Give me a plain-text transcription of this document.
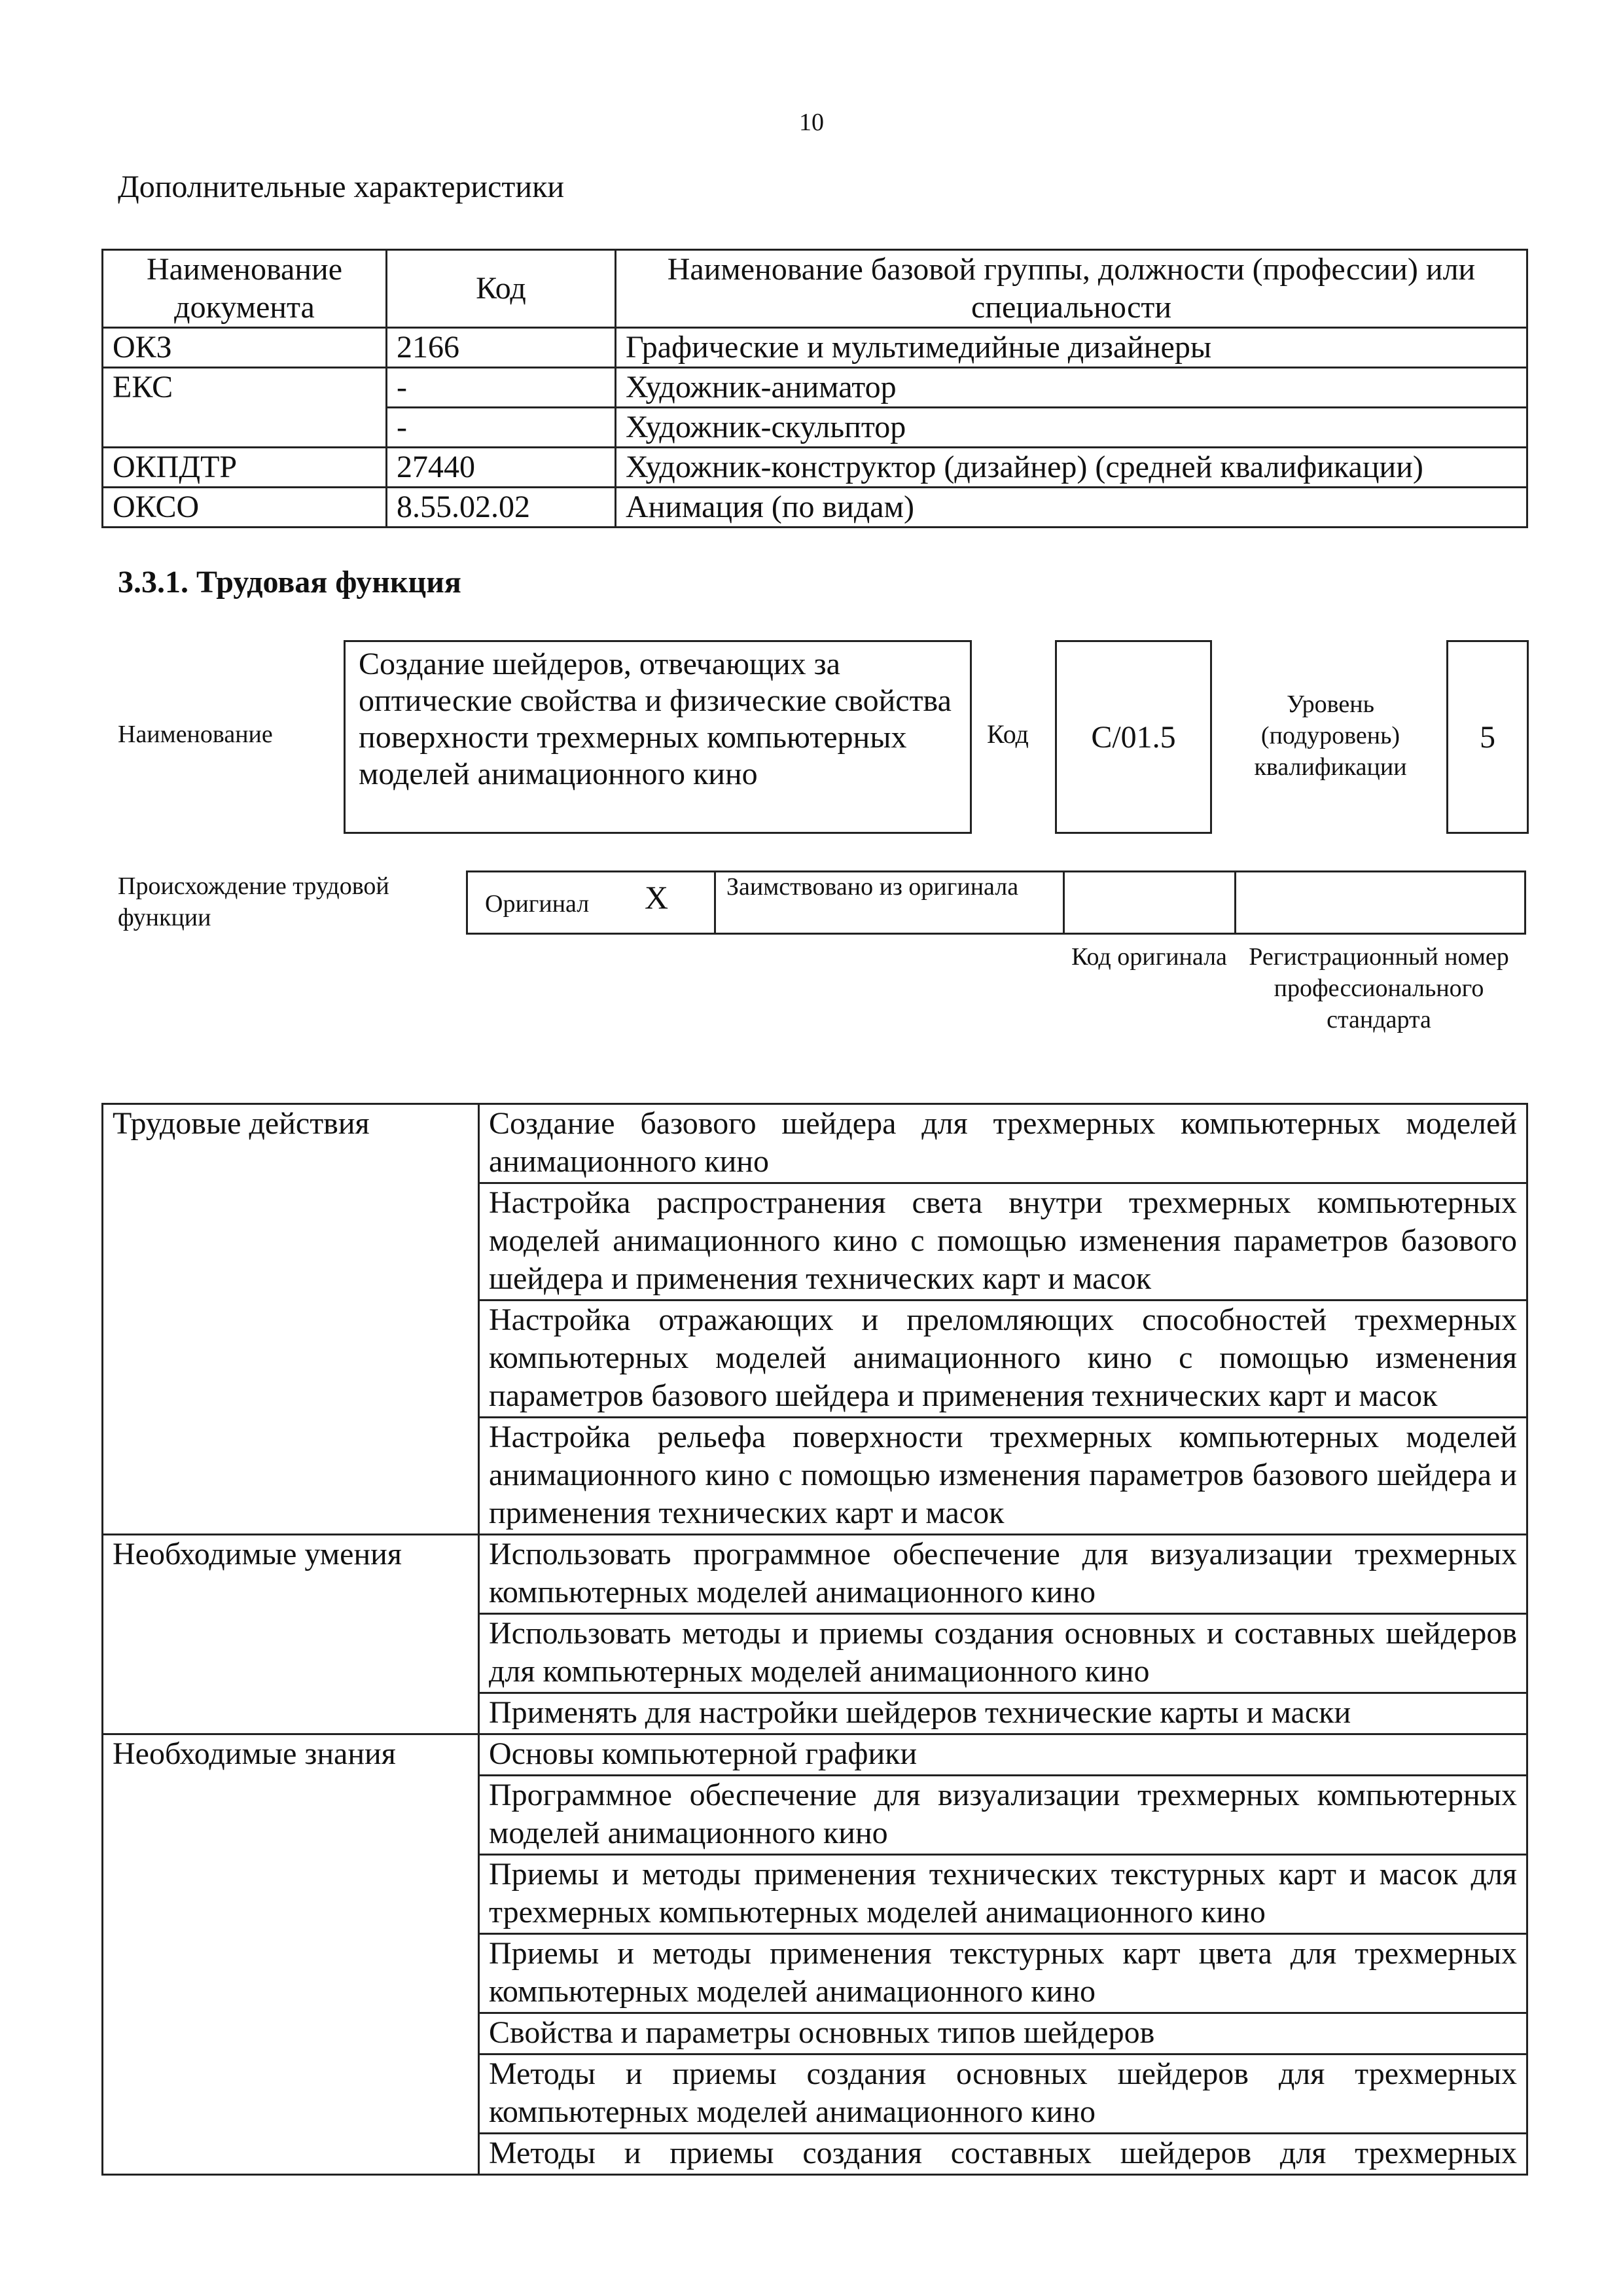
10
Дополнительные характеристики
Наименование документа	Код	Наименование базовой группы, должности (профессии) или специальности
ОКЗ	2166	Графические и мультимедийные дизайнеры
ЕКС	-	Художник-аниматор
	-	Художник-скульптор
ОКПДТР	27440	Художник-конструктор (дизайнер) (средней квалификации)
ОКСО	8.55.02.02	Анимация (по видам)
3.3.1. Трудовая функция
Наименование
Создание шейдеров, отвечающих за оптические свойства и физические свойства поверхности трехмерных компьютерных моделей анимационного кино
Код	C/01.5
Уровень (подуровень) квалификации
5
Происхождение трудовой функции	Оригинал X Заимствовано из оригинала
Код оригинала Регистрационный номер профессионального стандарта
Трудовые действия	Создание базового шейдера для трехмерных компьютерных моделей анимационного кино
	Настройка распространения света внутри трехмерных компьютерных моделей анимационного кино с помощью изменения параметров базового шейдера и применения технических карт и масок
	Настройка отражающих и преломляющих способностей трехмерных компьютерных моделей анимационного кино с помощью изменения параметров базового шейдера и применения технических карт и масок
	Настройка рельефа поверхности трехмерных компьютерных моделей анимационного кино с помощью изменения параметров базового шейдера и применения технических карт и масок
Необходимые умения	Использовать программное обеспечение для визуализации трехмерных компьютерных моделей анимационного кино
	Использовать методы и приемы создания основных и составных шейдеров для компьютерных моделей анимационного кино
	Применять для настройки шейдеров технические карты и маски
Необходимые знания	Основы компьютерной графики
	Программное обеспечение для визуализации трехмерных компьютерных моделей анимационного кино
	Приемы и методы применения технических текстурных карт и масок для трехмерных компьютерных моделей анимационного кино
	Приемы и методы применения текстурных карт цвета для трехмерных компьютерных моделей анимационного кино
	Свойства и параметры основных типов шейдеров
	Методы и приемы создания основных шейдеров для трехмерных компьютерных моделей анимационного кино
	Методы и приемы создания составных шейдеров для трехмерных
